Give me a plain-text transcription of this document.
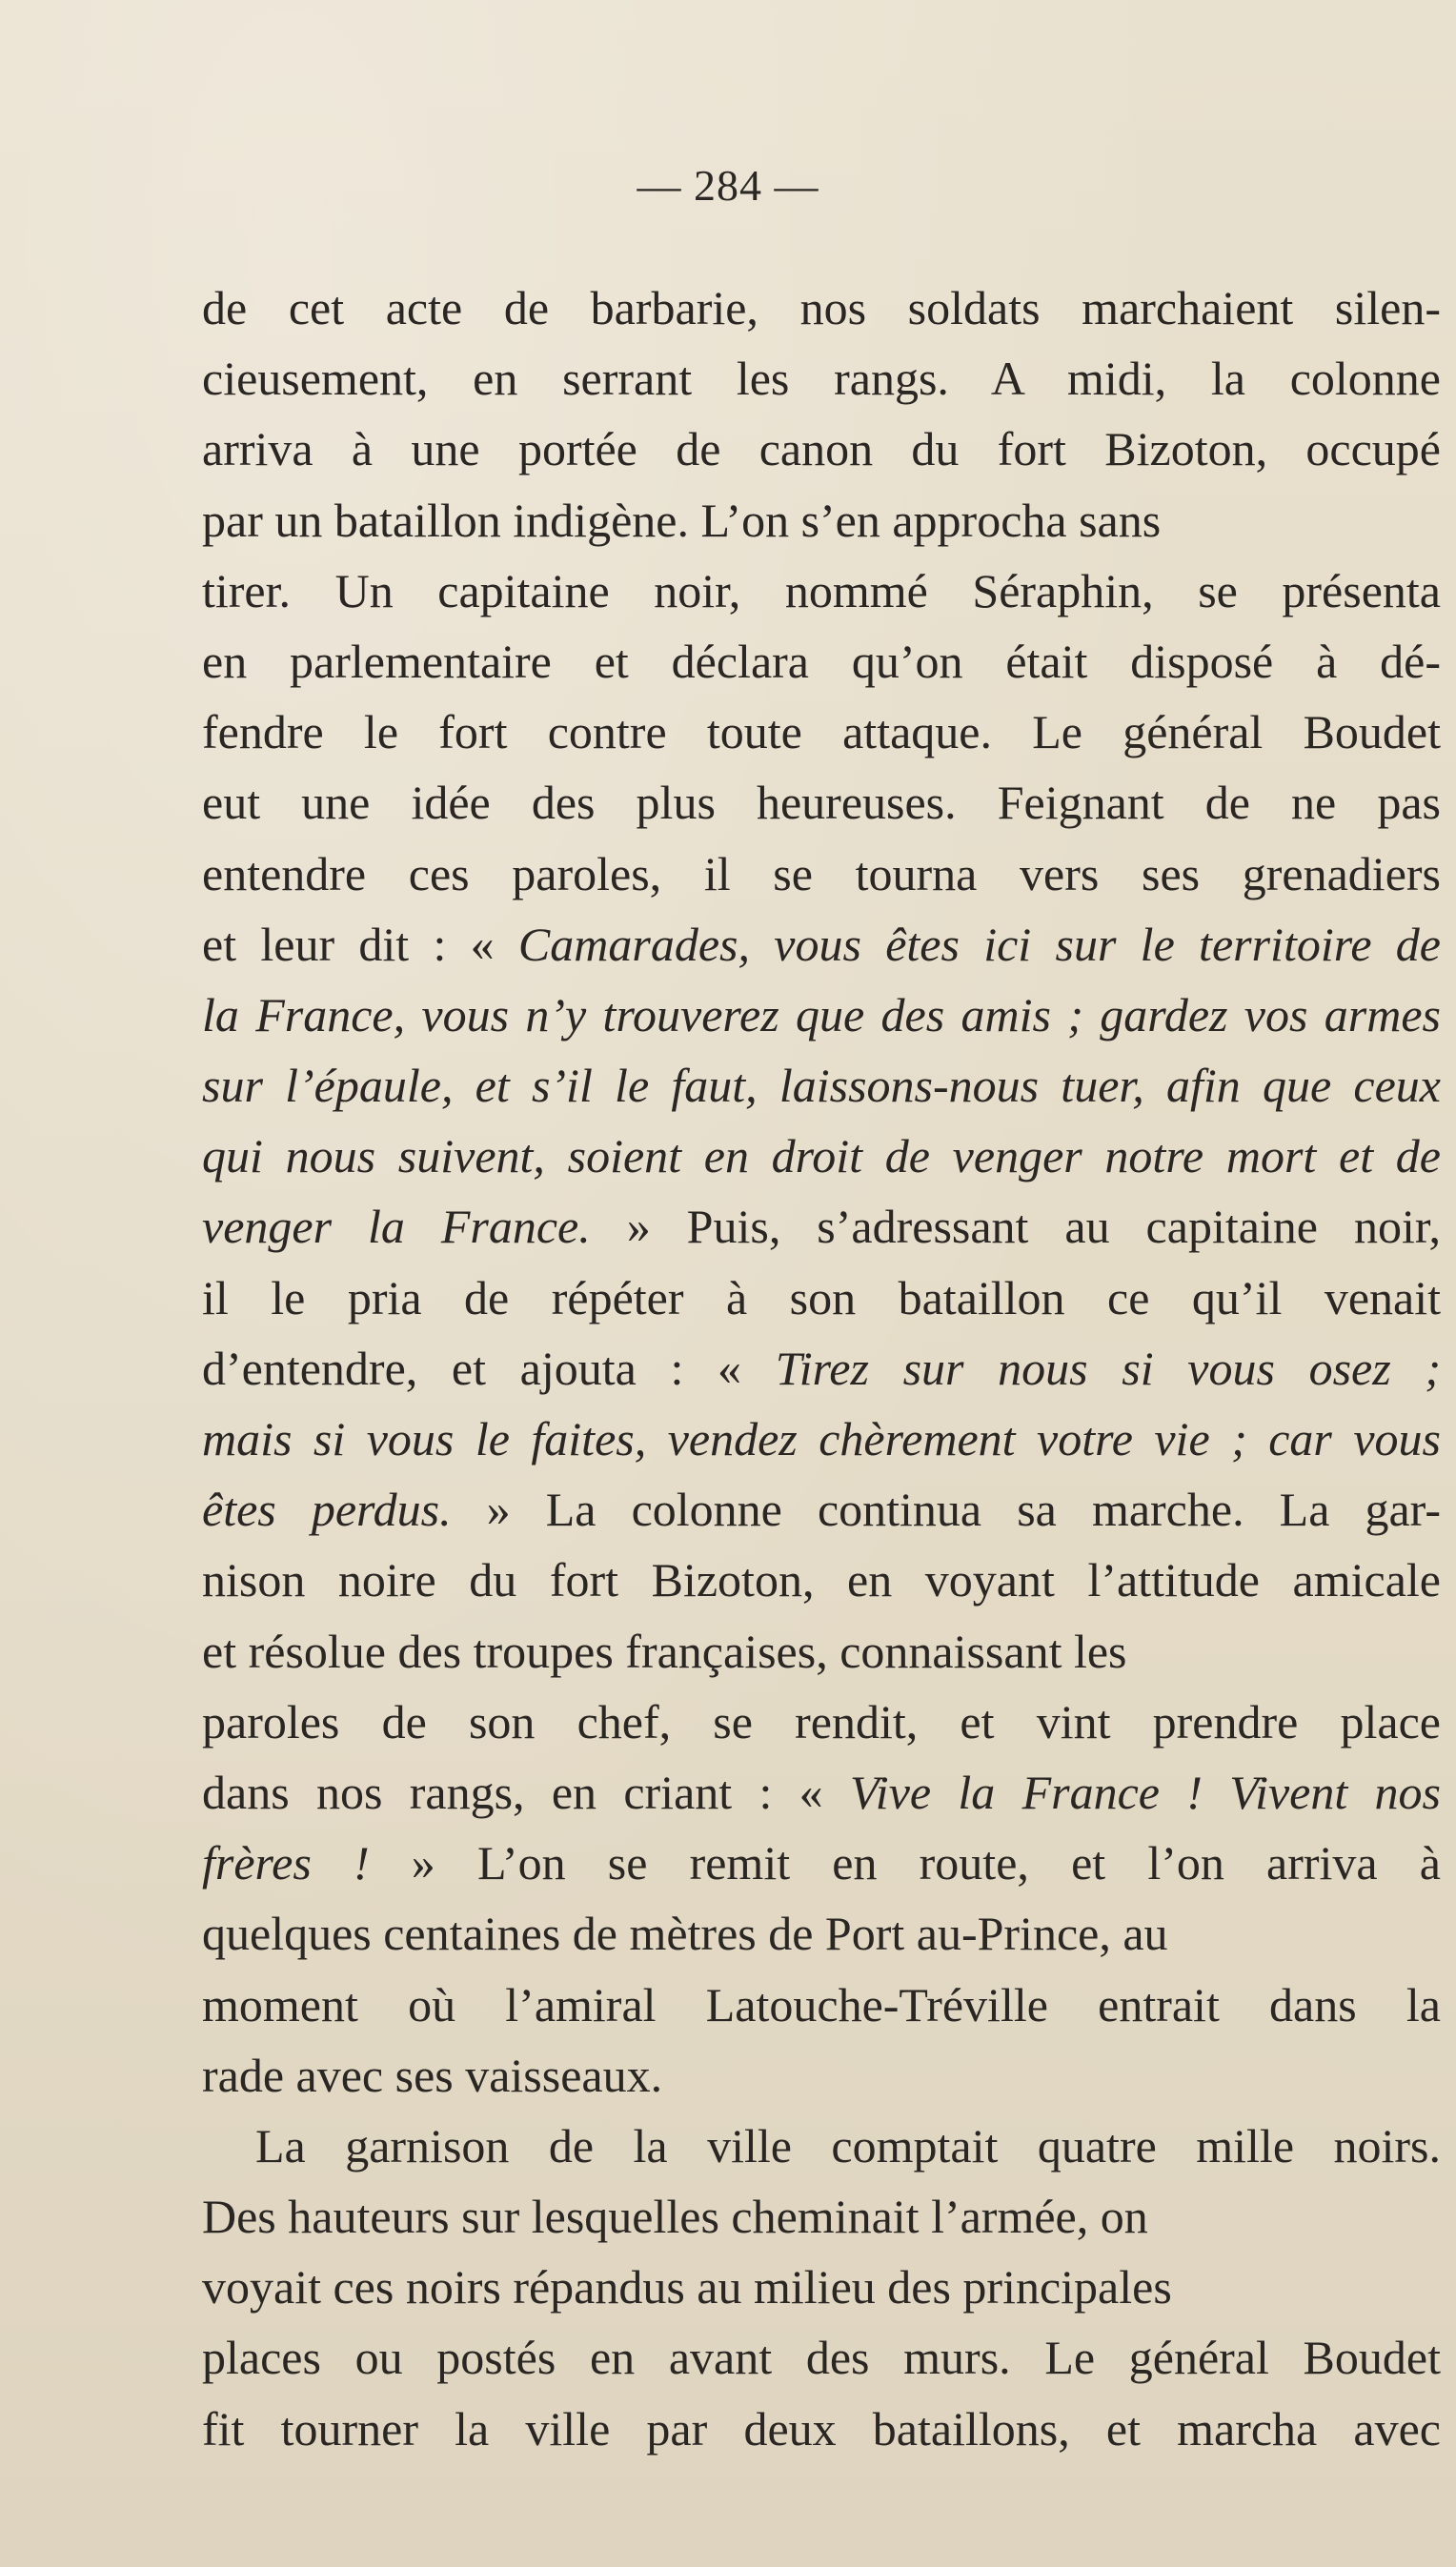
— 284 —
de cet acte de barbarie, nos soldats marchaient silen-
cieusement, en serrant les rangs. A midi, la colonne
arriva à une portée de canon du fort Bizoton, occupé
par un bataillon indigène. L’on s’en approcha sans
tirer. Un capitaine noir, nommé Séraphin, se présenta
en parlementaire et déclara qu’on était disposé à dé-
fendre le fort contre toute attaque. Le général Boudet
eut une idée des plus heureuses. Feignant de ne pas
entendre ces paroles, il se tourna vers ses grenadiers
et leur dit : « Camarades, vous êtes ici sur le territoire de
la France, vous n’y trouverez que des amis ; gardez vos armes
sur l’épaule, et s’il le faut, laissons-nous tuer, afin que ceux
qui nous suivent, soient en droit de venger notre mort et de
venger la France. » Puis, s’adressant au capitaine noir,
il le pria de répéter à son bataillon ce qu’il venait
d’entendre, et ajouta : « Tirez sur nous si vous osez ;
mais si vous le faites, vendez chèrement votre vie ; car vous
êtes perdus. » La colonne continua sa marche. La gar-
nison noire du fort Bizoton, en voyant l’attitude amicale
et résolue des troupes françaises, connaissant les
paroles de son chef, se rendit, et vint prendre place
dans nos rangs, en criant : « Vive la France ! Vivent nos
frères ! » L’on se remit en route, et l’on arriva à
quelques centaines de mètres de Port au-Prince, au
moment où l’amiral Latouche-Tréville entrait dans la
rade avec ses vaisseaux.
La garnison de la ville comptait quatre mille noirs.
Des hauteurs sur lesquelles cheminait l’armée, on
voyait ces noirs répandus au milieu des principales
places ou postés en avant des murs. Le général Boudet
fit tourner la ville par deux bataillons, et marcha avec
